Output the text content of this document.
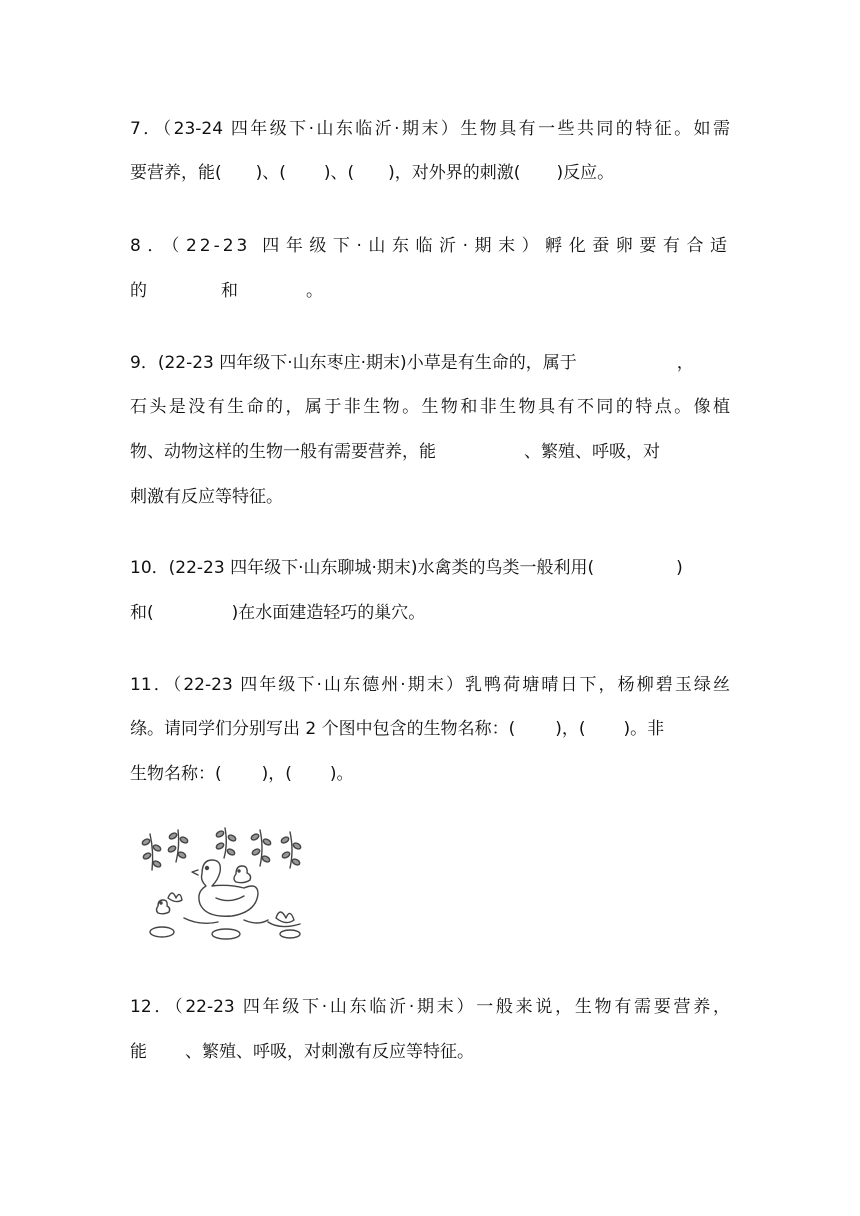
7．（23-24 四年级下·山东临沂·期末）生物具有一些共同的特征。如需
要营养，能( )、( )、( )，对外界的刺激( )反应。
8．（22-23 四年级下·山东临沂·期末）孵化蚕卵要有合适
的	和	。
9．(22-23 四年级下·山东枣庄·期末)小草是有生命的，属于	，
石头是没有生命的，属于非生物。生物和非生物具有不同的特点。像植
物、动物这样的生物一般有需要营养，能	、繁殖、呼吸，对
刺激有反应等特征。
10．(22-23 四年级下·山东聊城·期末)水禽类的鸟类一般利用(	)
和(	)在水面建造轻巧的巢穴。
11．（22-23 四年级下·山东德州·期末）乳鸭荷塘晴日下，杨柳碧玉绿丝
绦。请同学们分别写出 2 个图中包含的生物名称：( )，( )。非
生物名称：( )，( )。
12．（22-23 四年级下·山东临沂·期末）一般来说，生物有需要营养，
能 、繁殖、呼吸，对刺激有反应等特征。
